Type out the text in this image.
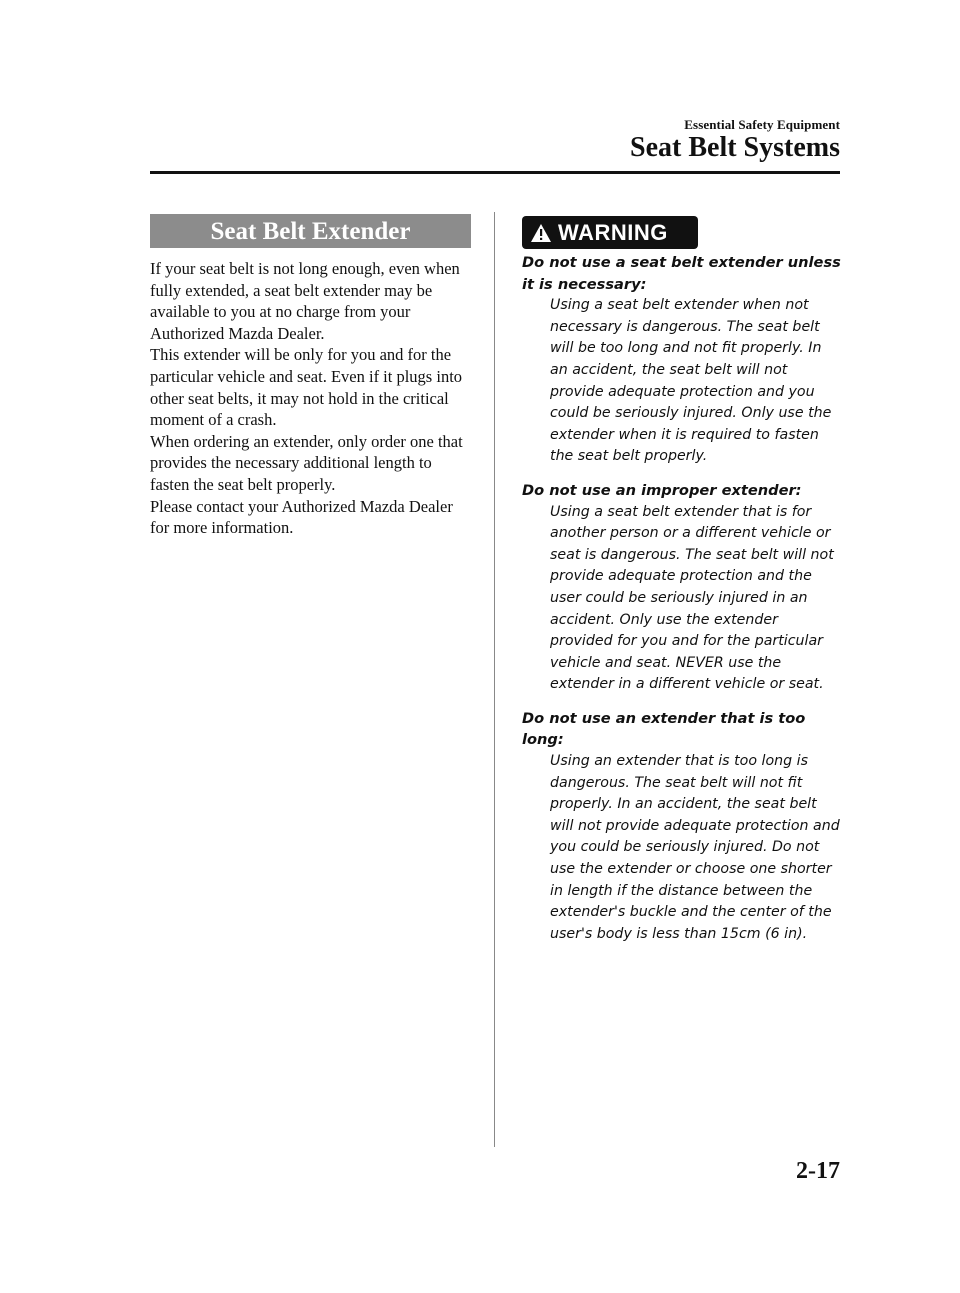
Essential Safety Equipment
Seat Belt Systems
Seat Belt Extender

If your seat belt is not long enough, even when fully extended, a seat belt extender may be available to you at no charge from your Authorized Mazda Dealer.

This extender will be only for you and for the particular vehicle and seat. Even if it plugs into other seat belts, it may not hold in the critical moment of a crash.

When ordering an extender, only order one that provides the necessary additional length to fasten the seat belt properly.

Please contact your Authorized Mazda Dealer for more information.

WARNING

Do not use a seat belt extender unless it is necessary:

Using a seat belt extender when not necessary is dangerous. The seat belt will be too long and not fit properly. In an accident, the seat belt will not provide adequate protection and you could be seriously injured. Only use the extender when it is required to fasten the seat belt properly.

Do not use an improper extender:

Using a seat belt extender that is for another person or a different vehicle or seat is dangerous. The seat belt will not provide adequate protection and the user could be seriously injured in an accident. Only use the extender provided for you and for the particular vehicle and seat. NEVER use the extender in a different vehicle or seat.

Do not use an extender that is too long:

Using an extender that is too long is dangerous. The seat belt will not fit properly. In an accident, the seat belt will not provide adequate protection and you could be seriously injured. Do not use the extender or choose one shorter in length if the distance between the extender's buckle and the center of the user's body is less than 15cm (6 in).

2-17
